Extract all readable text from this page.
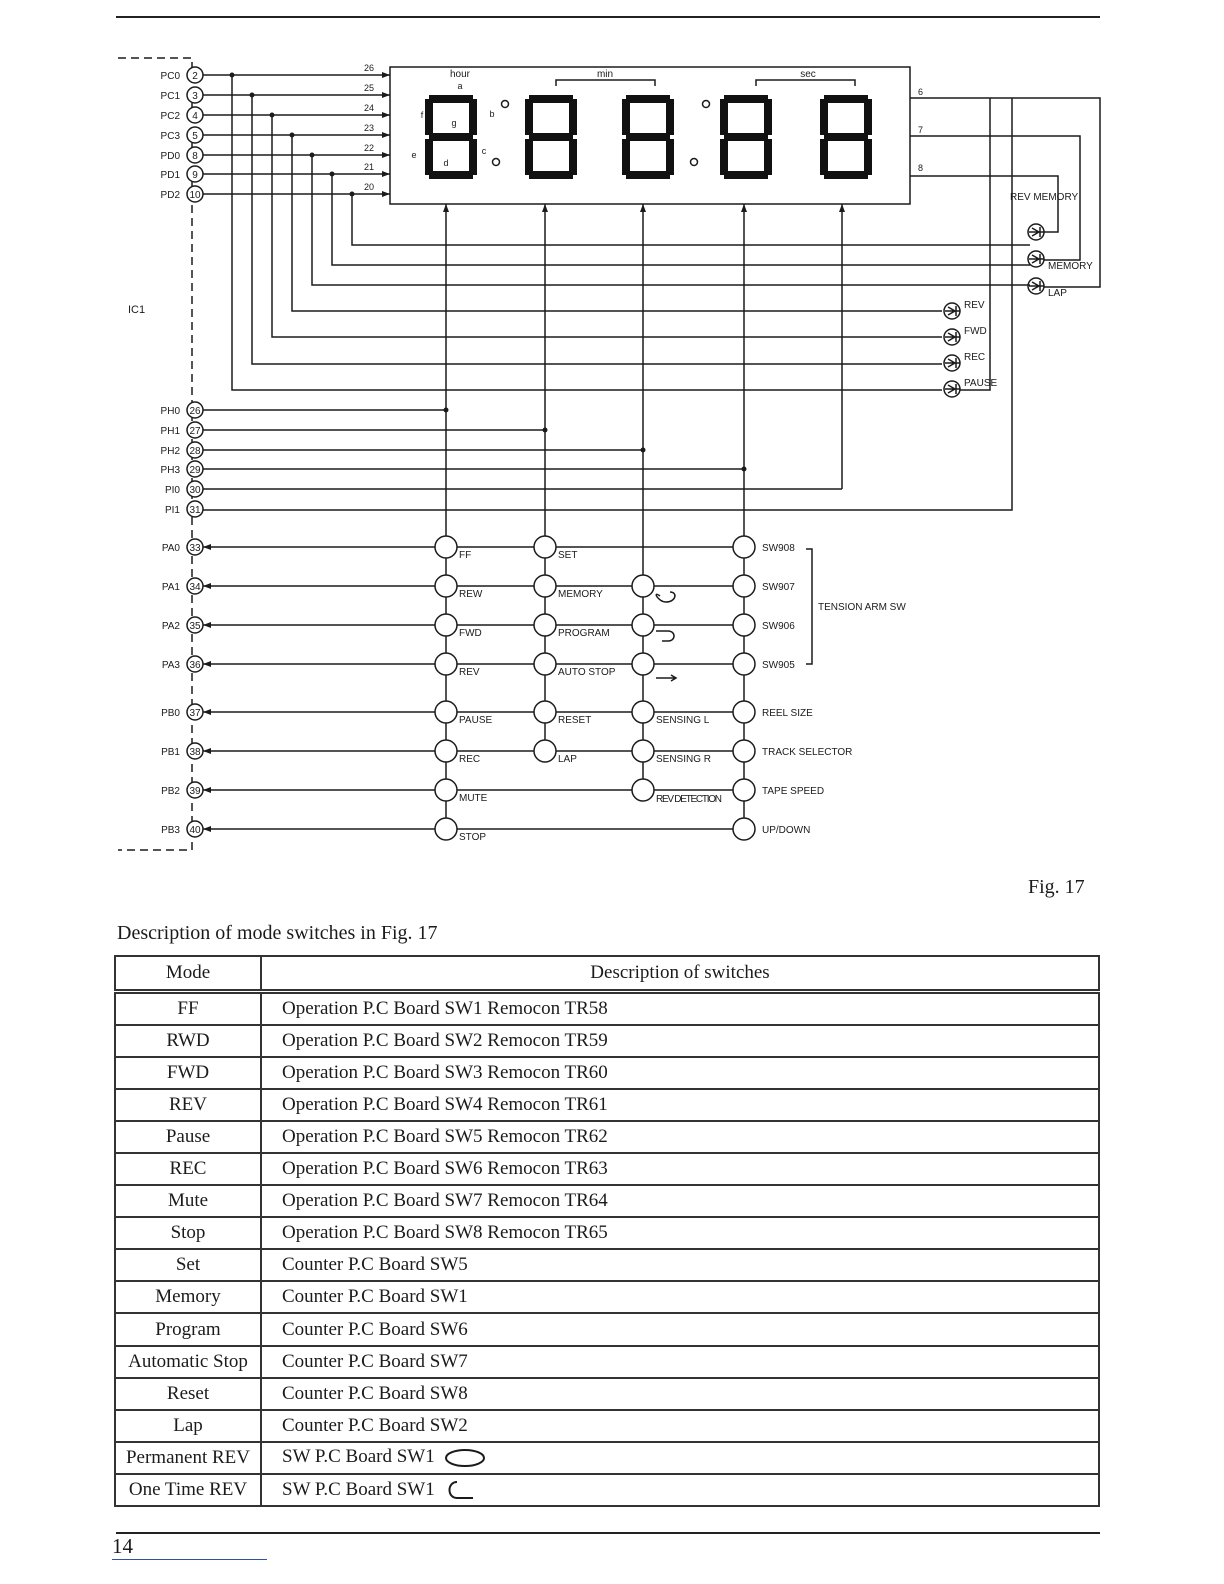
IC1
2
PC0
3
PC1
4
PC2
5
PC3
8
PD0
9
PD1
10
PD2
26
PH0
27
PH1
28
PH2
29
PH3
30
PI0
31
PI1
33
PA0
34
PA1
35
PA2
36
PA3
37
PB0
38
PB1
39
PB2
40
PB3
hour	min	sec
a
b
c
d
e
f
g
6
7
8
26
25
24
23
22
21
20
REV
FWD
REC
PAUSE
REV MEMORY
MEMORY
LAP
FF
REW
FWD
REV
PAUSE
REC
MUTE
STOP
SET
MEMORY
PROGRAM
AUTO STOP
RESET
LAP
SENSING L
SENSING R
REV DETECTION
SW908
SW907
SW906
SW905
REEL SIZE
TRACK SELECTOR
TAPE SPEED
UP/DOWN
TENSION ARM SW
Fig. 17
Description of mode switches in Fig. 17
Mode	Description of switches
FF	Operation P.C Board SW1 Remocon TR58
RWD	Operation P.C Board SW2 Remocon TR59
FWD	Operation P.C Board SW3 Remocon TR60
REV	Operation P.C Board SW4 Remocon TR61
Pause	Operation P.C Board SW5 Remocon TR62
REC	Operation P.C Board SW6 Remocon TR63
Mute	Operation P.C Board SW7 Remocon TR64
Stop	Operation P.C Board SW8 Remocon TR65
Set	Counter P.C Board SW5
Memory	Counter P.C Board SW1
Program	Counter P.C Board SW6
Automatic Stop	Counter P.C Board SW7
Reset	Counter P.C Board SW8
Lap	Counter P.C Board SW2
Permanent REV	SW P.C Board SW1
One Time REV	SW P.C Board SW1
14
